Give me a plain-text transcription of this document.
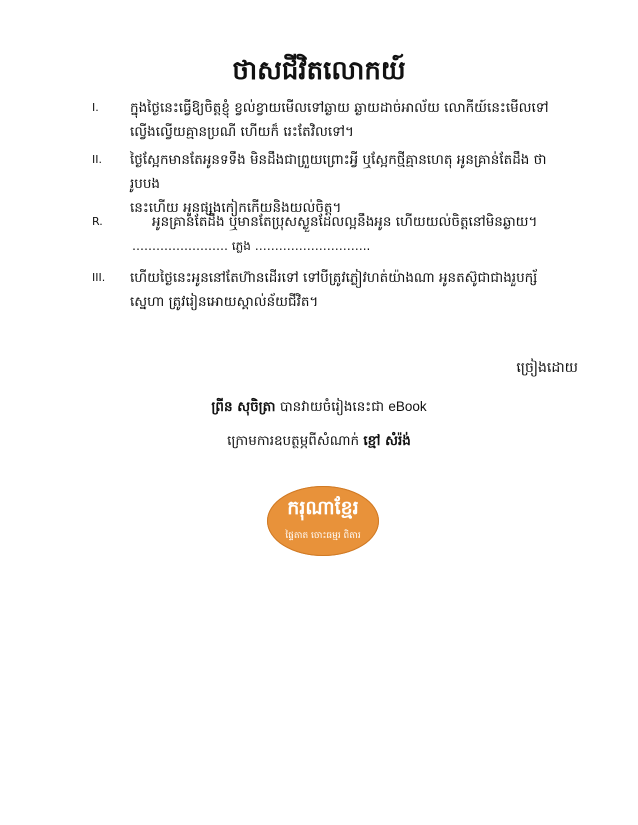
ថាសជីវិតលោកយ៍
I. ក្នុងថ្ងៃនេះធ្វើឱ្យចិត្តខ្ញុំ ខ្វល់ខ្វាយមើលទៅឆ្ងាយ ឆ្ងាយដាច់អាល័យ លោកីយ៍នេះមើលទៅ
ល្វើងល្វើយគ្មានប្រណី ហើយក៏ រេះតែវិលទៅ។
II. ថ្ងៃស្អែកមានតែអូនទទឹង មិនដឹងជាព្រួយព្រោះអ្វី ឬស្អែកថ្មីគ្មានហេតុ អូនគ្រាន់តែដឹង ថារូបបង
នេះហើយ អូនផ្សងកៀកកើយនិងយល់ចិត្ត។
R.	អូនគ្រាន់តែដឹង ឬមានតែប្រុសស្ងួនដែលល្អនឹងអូន ហើយយល់ចិត្តនៅមិនឆ្ងាយ។
…………………… ភ្លេង ………………………..
III. ហើយថ្ងៃនេះអូននៅតែហ៊ានដើរទៅ ទៅបីត្រូវភ្លៀវហត់យ៉ាងណា អូនតស៊ូជាជាងរួបក្ស័
ស្នេហា ត្រូវរៀនអោយស្គាល់ន័យជីវិត។
ច្រៀងដោយ
ព្រីន សុចិត្រា បានវាយចំរៀងនេះជា eBook
ក្រោមការឧបត្ថម្ភពីសំណាក់ ខ្មៅ សំរ៉ង់
ករុណាខ្មែរ
ផ្ទៃតាត ចោះធម្មរ ពិតារ
